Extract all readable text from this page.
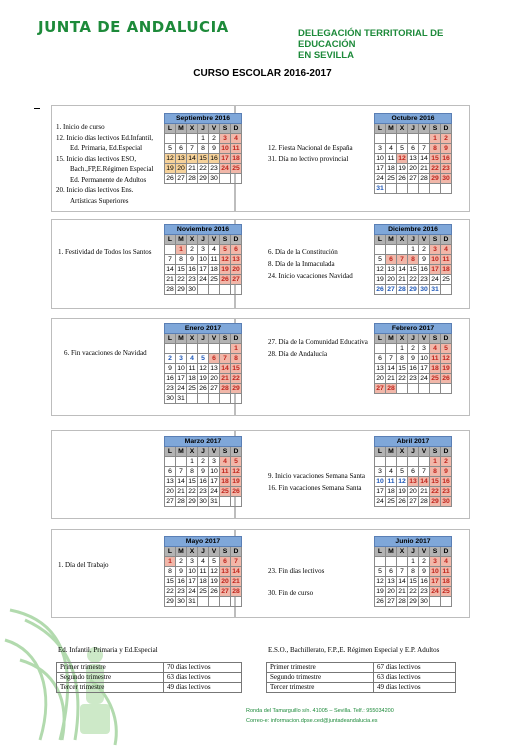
JUNTA DE ANDALUCIA	DELEGACIÓN TERRITORIAL DE EDUCACIÓN
EN SEVILLA
CURSO ESCOLAR 2016-2017
Septiembre 2016						
L	M	X	J	V	S	D
			1	2	3	4
5	6	7	8	9	10	11
12	13	14	15	16	17	18
19	20	21	22	23	24	25
26	27	28	29	30		
Octubre 2016						
L	M	X	J	V	S	D
					1	2
3	4	5	6	7	8	9
10	11	12	13	14	15	16
17	18	19	20	21	22	23
24	25	26	27	28	29	30
31						
Noviembre 2016						
L	M	X	J	V	S	D
	1	2	3	4	5	6
7	8	9	10	11	12	13
14	15	16	17	18	19	20
21	22	23	24	25	26	27
28	29	30				
Diciembre 2016						
L	M	X	J	V	S	D
			1	2	3	4
5	6	7	8	9	10	11
12	13	14	15	16	17	18
19	20	21	22	23	24	25
26	27	28	29	30	31	
Enero 2017						
L	M	X	J	V	S	D
						1
2	3	4	5	6	7	8
9	10	11	12	13	14	15
16	17	18	19	20	21	22
23	24	25	26	27	28	29
30	31					
Febrero 2017						
L	M	X	J	V	S	D
		1	2	3	4	5
6	7	8	9	10	11	12
13	14	15	16	17	18	19
20	21	22	23	24	25	26
27	28					
Marzo 2017						
L	M	X	J	V	S	D
		1	2	3	4	5
6	7	8	9	10	11	12
13	14	15	16	17	18	19
20	21	22	23	24	25	26
27	28	29	30	31		
Abril 2017						
L	M	X	J	V	S	D
					1	2
3	4	5	6	7	8	9
10	11	12	13	14	15	16
17	18	19	20	21	22	23
24	25	26	27	28	29	30
Mayo 2017						
L	M	X	J	V	S	D
1	2	3	4	5	6	7
8	9	10	11	12	13	14
15	16	17	18	19	20	21
22	23	24	25	26	27	28
29	30	31				
Junio 2017						
L	M	X	J	V	S	D
			1	2	3	4
5	6	7	8	9	10	11
12	13	14	15	16	17	18
19	20	21	22	23	24	25
26	27	28	29	30		
1. Inicio de curso
12. Inicio días lectivos Ed.Infantil,
Ed. Primaria, Ed.Especial
15. Inicio días lectivos ESO,
Bach.,FP,E.Régimen Especial
Ed. Permanente de Adultos
20. Inicio días lectivos Ens.
Artísticas Superiores
12. Fiesta Nacional de España
31. Día no lectivo provincial
1. Festividad de Todos los Santos	6. Día de la Constitución
8. Día de la Inmaculada
24. Inicio vacaciones Navidad
6. Fin vacaciones de Navidad
27. Día de la Comunidad Educativa
28. Día de Andalucía
9. Inicio vacaciones Semana Santa
16. Fin vacaciones Semana Santa
1. Día del Trabajo
23. Fin días lectivos
30. Fin de curso
Ed. Infantil, Primaria y Ed.Especial	E.S.O., Bachillerato, F.P.,E. Régimen Especial y E.P. Adultos
Primer trimestre	70 días lectivos
Segundo trimestre	63 días lectivos
Tercer trimestre	49 días lectivos
Primer trimestre	67 días lectivos
Segundo trimestre	63 días lectivos
Tercer trimestre	49 días lectivos
Ronda del Tamarguillo s/n. 41005 – Sevilla. Telf.: 955034200
Correo-e: informacion.dpse.ced@juntadeandalucia.es
